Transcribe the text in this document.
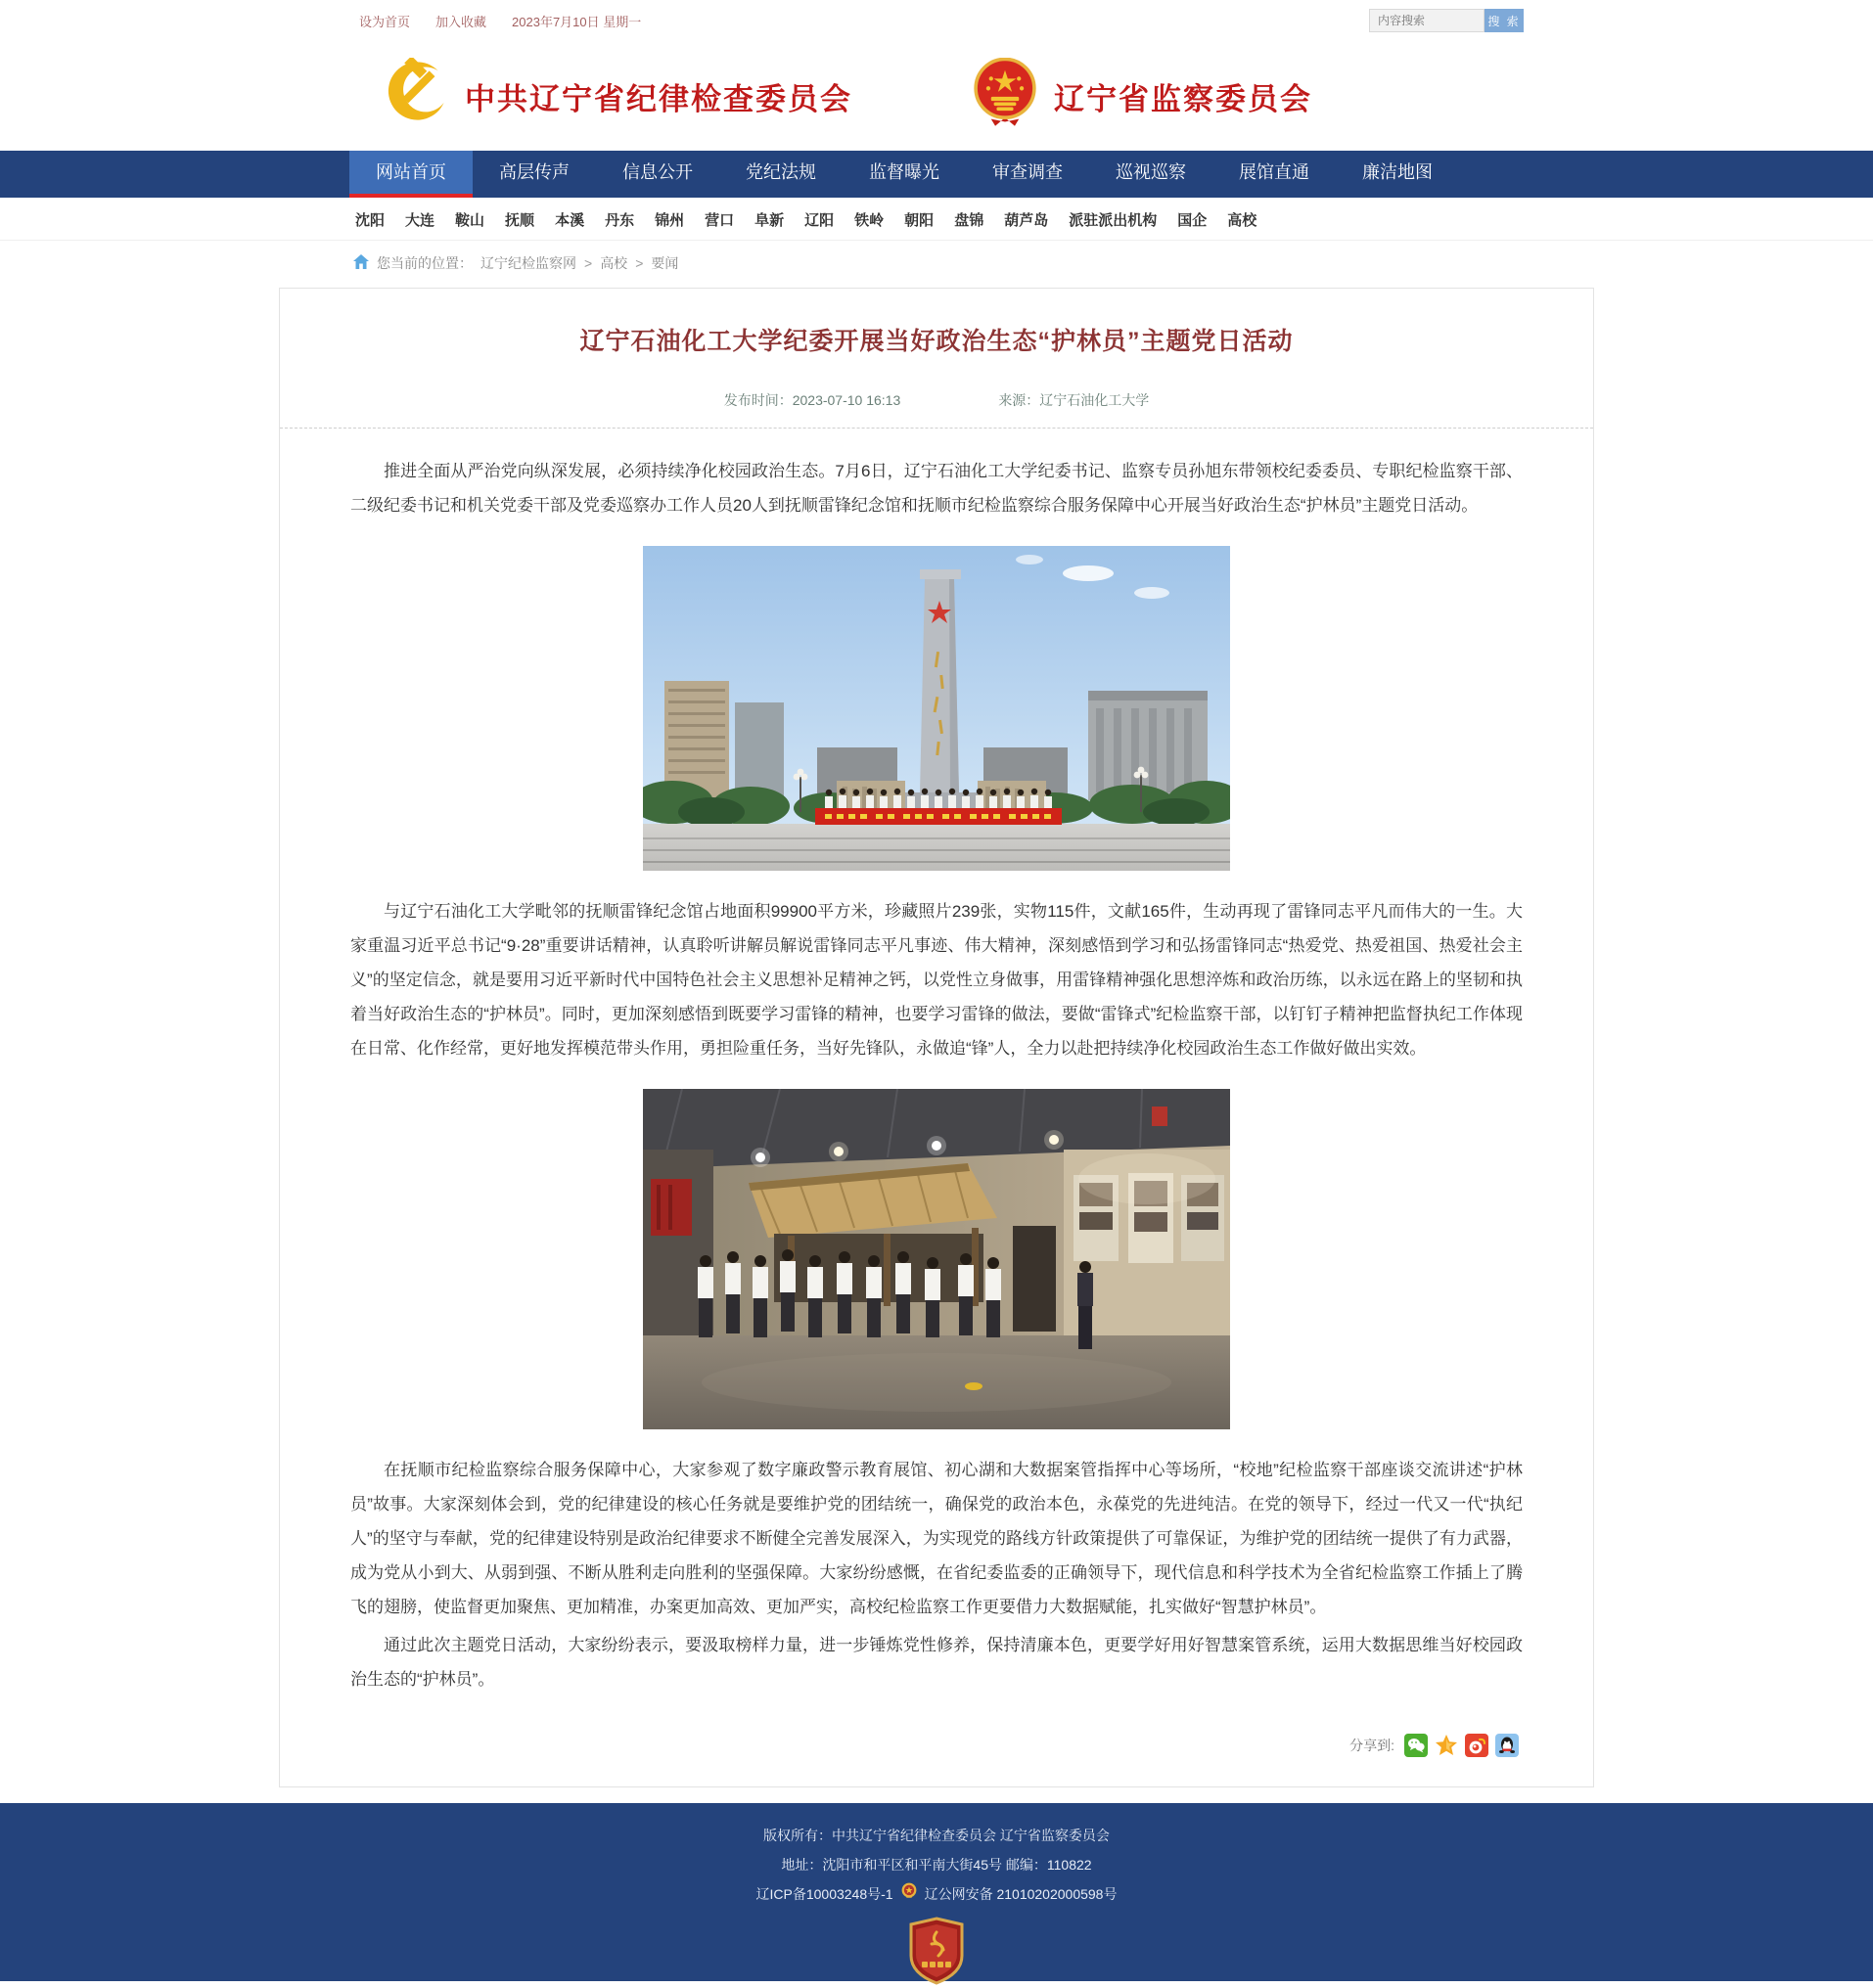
设为首页 加入收藏 2023年7月10日 星期一
内容搜索	搜 索
中共辽宁省纪律检查委员会	辽宁省监察委员会
网站首页	高层传声	信息公开	党纪法规	监督曝光	审查调查	巡视巡察	展馆直通	廉洁地图
沈阳 大连 鞍山 抚顺 本溪 丹东 锦州 营口 阜新 辽阳 铁岭 朝阳 盘锦 葫芦岛 派驻派出机构 国企 高校
您当前的位置： 辽宁纪检监察网 > 高校 > 要闻
辽宁石油化工大学纪委开展当好政治生态“护林员”主题党日活动
发布时间：2023-07-10 16:13	来源：辽宁石油化工大学

推进全面从严治党向纵深发展，必须持续净化校园政治生态。7月6日，辽宁石油化工大学纪委书记、监察专员孙旭东带领校纪委委员、专职纪检监察干部、二级纪委书记和机关党委干部及党委巡察办工作人员20人到抚顺雷锋纪念馆和抚顺市纪检监察综合服务保障中心开展当好政治生态“护林员”主题党日活动。

与辽宁石油化工大学毗邻的抚顺雷锋纪念馆占地面积99900平方米，珍藏照片239张，实物115件，文献165件，生动再现了雷锋同志平凡而伟大的一生。大家重温习近平总书记“9·28”重要讲话精神，认真聆听讲解员解说雷锋同志平凡事迹、伟大精神，深刻感悟到学习和弘扬雷锋同志“热爱党、热爱祖国、热爱社会主义”的坚定信念，就是要用习近平新时代中国特色社会主义思想补足精神之钙，以党性立身做事，用雷锋精神强化思想淬炼和政治历练，以永远在路上的坚韧和执着当好政治生态的“护林员”。同时，更加深刻感悟到既要学习雷锋的精神，也要学习雷锋的做法，要做“雷锋式”纪检监察干部，以钉钉子精神把监督执纪工作体现在日常、化作经常，更好地发挥模范带头作用，勇担险重任务，当好先锋队，永做追“锋”人，全力以赴把持续净化校园政治生态工作做好做出实效。

在抚顺市纪检监察综合服务保障中心，大家参观了数字廉政警示教育展馆、初心湖和大数据案管指挥中心等场所，“校地”纪检监察干部座谈交流讲述“护林员”故事。大家深刻体会到，党的纪律建设的核心任务就是要维护党的团结统一，确保党的政治本色，永葆党的先进纯洁。在党的领导下，经过一代又一代“执纪人”的坚守与奉献，党的纪律建设特别是政治纪律要求不断健全完善发展深入，为实现党的路线方针政策提供了可靠保证，为维护党的团结统一提供了有力武器，成为党从小到大、从弱到强、不断从胜利走向胜利的坚强保障。大家纷纷感慨，在省纪委监委的正确领导下，现代信息和科学技术为全省纪检监察工作插上了腾飞的翅膀，使监督更加聚焦、更加精准，办案更加高效、更加严实，高校纪检监察工作更要借力大数据赋能，扎实做好“智慧护林员”。

通过此次主题党日活动，大家纷纷表示，要汲取榜样力量，进一步锤炼党性修养，保持清廉本色，更要学好用好智慧案管系统，运用大数据思维当好校园政治生态的“护林员”。

分享到:
版权所有：中共辽宁省纪律检查委员会 辽宁省监察委员会
地址：沈阳市和平区和平南大街45号 邮编：110822
辽ICP备10003248号-1 辽公网安备 21010202000598号
